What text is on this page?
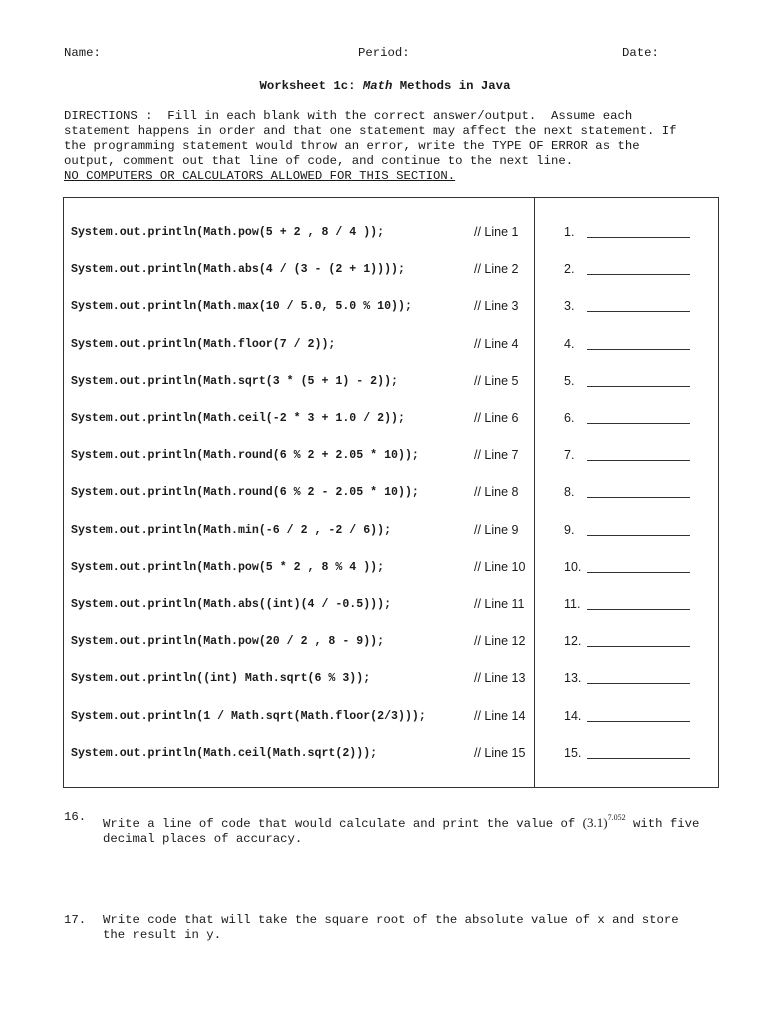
Name:	Period:	Date:
Worksheet 1c: Math Methods in Java
DIRECTIONS :  Fill in each blank with the correct answer/output.  Assume each
statement happens in order and that one statement may affect the next statement. If
the programming statement would throw an error, write the TYPE OF ERROR as the
output, comment out that line of code, and continue to the next line.
NO COMPUTERS OR CALCULATORS ALLOWED FOR THIS SECTION.
System.out.println(Math.pow(5 + 2 , 8 / 4 ));	// Line 1	1.
System.out.println(Math.abs(4 / (3 - (2 + 1))));	// Line 2	2.
System.out.println(Math.max(10 / 5.0, 5.0 % 10));	// Line 3	3.
System.out.println(Math.floor(7 / 2));	// Line 4	4.
System.out.println(Math.sqrt(3 * (5 + 1) - 2));	// Line 5	5.
System.out.println(Math.ceil(-2 * 3 + 1.0 / 2));	// Line 6	6.
System.out.println(Math.round(6 % 2 + 2.05 * 10));	// Line 7	7.
System.out.println(Math.round(6 % 2 - 2.05 * 10));	// Line 8	8.
System.out.println(Math.min(-6 / 2 , -2 / 6));	// Line 9	9.
System.out.println(Math.pow(5 * 2 , 8 % 4 ));	// Line 10	10.
System.out.println(Math.abs((int)(4 / -0.5)));	// Line 11	11.
System.out.println(Math.pow(20 / 2 , 8 - 9));	// Line 12	12.
System.out.println((int) Math.sqrt(6 % 3));	// Line 13	13.
System.out.println(1 / Math.sqrt(Math.floor(2/3)));	// Line 14	14.
System.out.println(Math.ceil(Math.sqrt(2)));	// Line 15	15.
16. Write a line of code that would calculate and print the value of $(3.1)^{7.052}$ with five decimal places of accuracy.
17. Write code that will take the square root of the absolute value of x and store the result in y.
